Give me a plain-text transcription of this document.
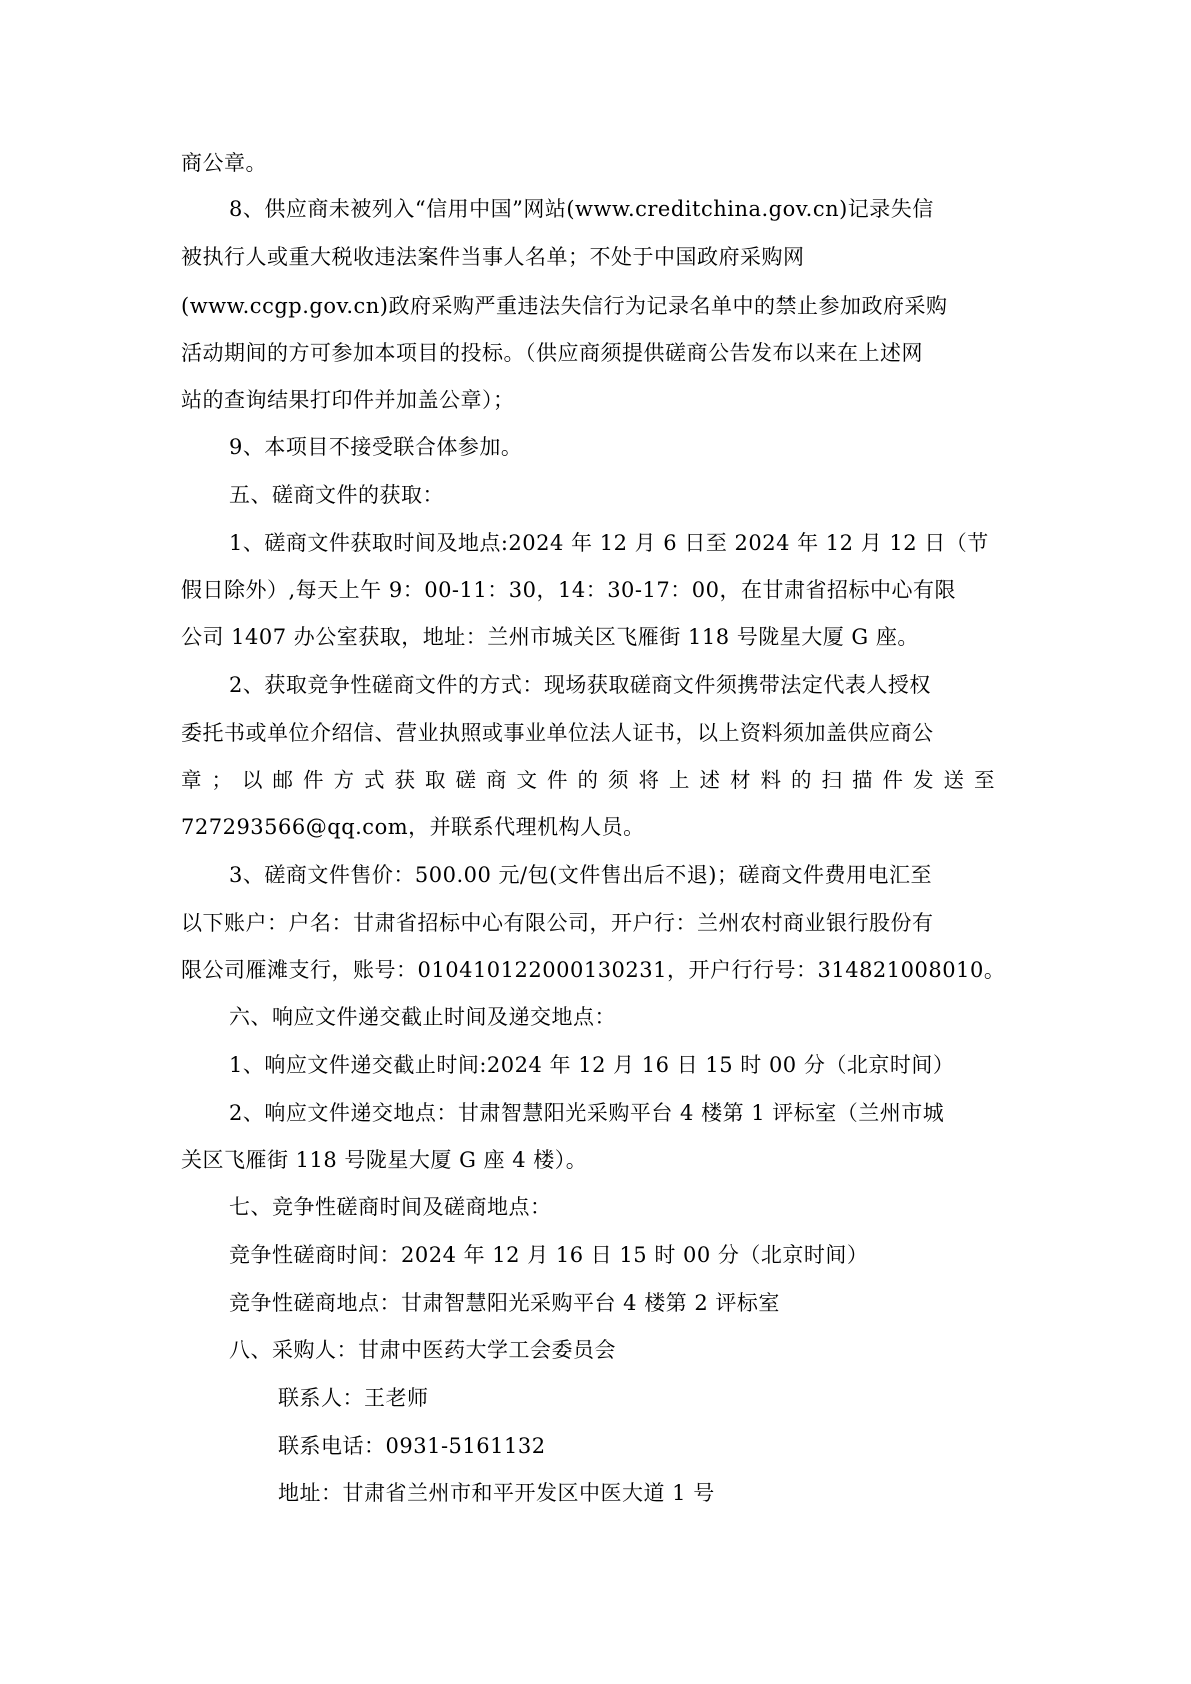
商公章。
8、供应商未被列入“信用中国”网站(www.creditchina.gov.cn)记录失信
被执行人或重大税收违法案件当事人名单；不处于中国政府采购网
(www.ccgp.gov.cn)政府采购严重违法失信行为记录名单中的禁止参加政府采购
活动期间的方可参加本项目的投标。（供应商须提供磋商公告发布以来在上述网
站的查询结果打印件并加盖公章）；
9、本项目不接受联合体参加。
五、磋商文件的获取：
1、磋商文件获取时间及地点:2024 年 12 月 6 日至 2024 年 12 月 12 日（节
假日除外）,每天上午 9：00-11：30，14：30-17：00，在甘肃省招标中心有限
公司 1407 办公室获取，地址：兰州市城关区飞雁街 118 号陇星大厦 G 座。
2、获取竞争性磋商文件的方式：现场获取磋商文件须携带法定代表人授权
委托书或单位介绍信、营业执照或事业单位法人证书，以上资料须加盖供应商公
章；以邮件方式获取磋商文件的须将上述材料的扫描件发送至
727293566@qq.com，并联系代理机构人员。
3、磋商文件售价：500.00 元/包(文件售出后不退)；磋商文件费用电汇至
以下账户：户名：甘肃省招标中心有限公司，开户行：兰州农村商业银行股份有
限公司雁滩支行，账号：010410122000130231，开户行行号：314821008010。
六、响应文件递交截止时间及递交地点：
1、响应文件递交截止时间:2024 年 12 月 16 日 15 时 00 分（北京时间）
2、响应文件递交地点：甘肃智慧阳光采购平台 4 楼第 1 评标室（兰州市城
关区飞雁街 118 号陇星大厦 G 座 4 楼）。
七、竞争性磋商时间及磋商地点：
竞争性磋商时间：2024 年 12 月 16 日 15 时 00 分（北京时间）
竞争性磋商地点：甘肃智慧阳光采购平台 4 楼第 2 评标室
八、采购人：甘肃中医药大学工会委员会
联系人：王老师
联系电话：0931-5161132
地址：甘肃省兰州市和平开发区中医大道 1 号
